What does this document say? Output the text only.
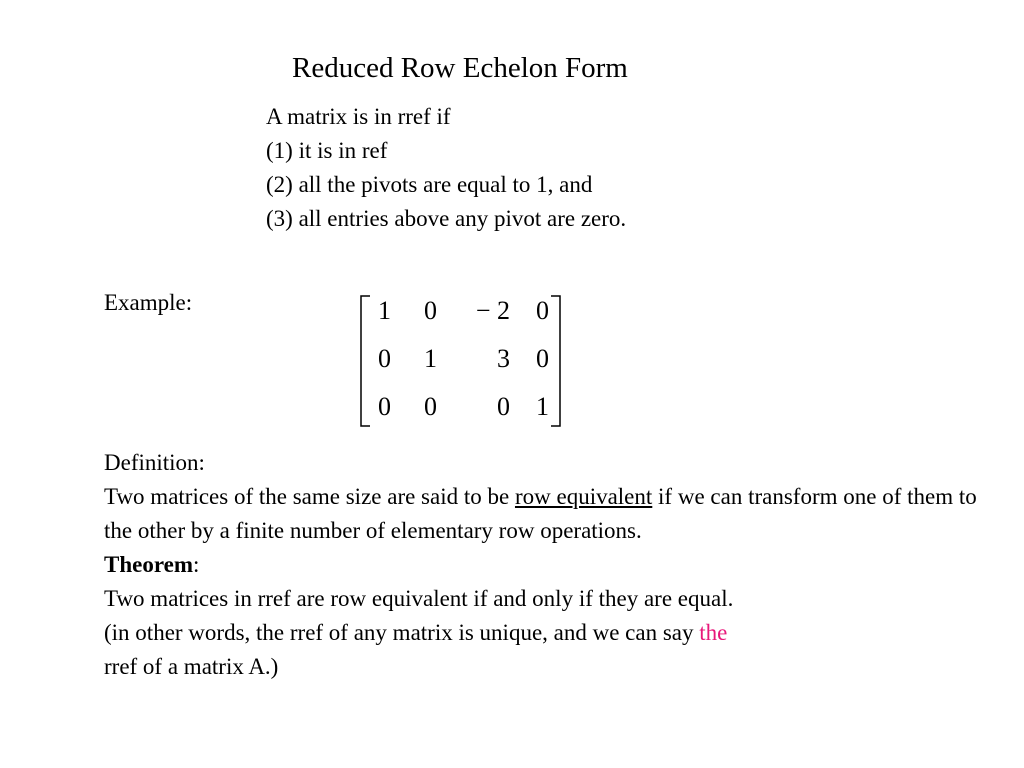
Reduced Row Echelon Form
A matrix is in rref if
(1) it is in ref
(2) all the pivots are equal to 1, and
(3) all entries above any pivot are zero.
Example:	1	0	− 2	0
0	1	3	0
0	0	0	1

Definition:

Two matrices of the same size are said to be row equivalent if we can transform one of them to the other by a finite number of elementary row operations.

Theorem:

Two matrices in rref are row equivalent if and only if they are equal.

(in other words, the rref of any matrix is unique, and we can say the
rref of a matrix A.)
